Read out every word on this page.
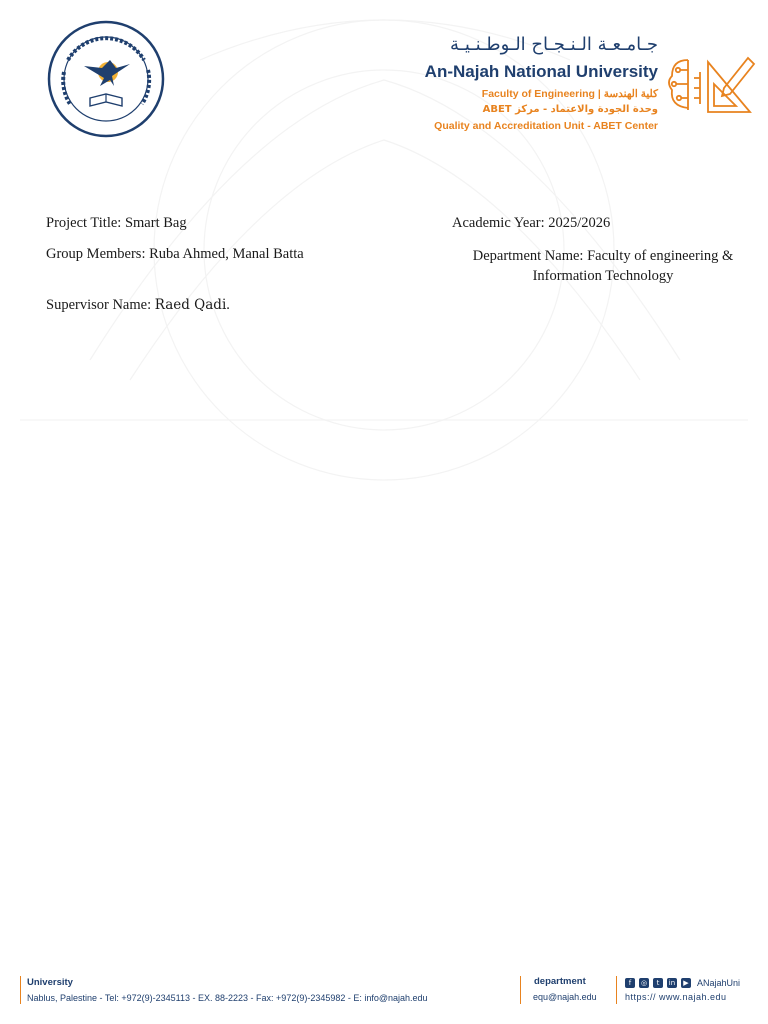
جـامـعـة الـنـجـاح الـوطـنـيـة
An-Najah National University
Faculty of Engineering | كلية الهندسة
وحدة الجودة والاعتماد - مركز ABET
Quality and Accreditation Unit - ABET Center
Project Title: Smart Bag	Academic Year: 2025/2026
Group Members: Ruba Ahmed, Manal Batta	Department Name: Faculty of engineering & Information Technology
Supervisor Name: Raed Qadi.
University
Nablus, Palestine - Tel: +972(9)-2345113 - EX. 88-2223 - Fax: +972(9)-2345982 - E: info@najah.edu
department
equ@najah.edu
f	◎	t	in	▶ ANajahUni
https:// www.najah.edu
